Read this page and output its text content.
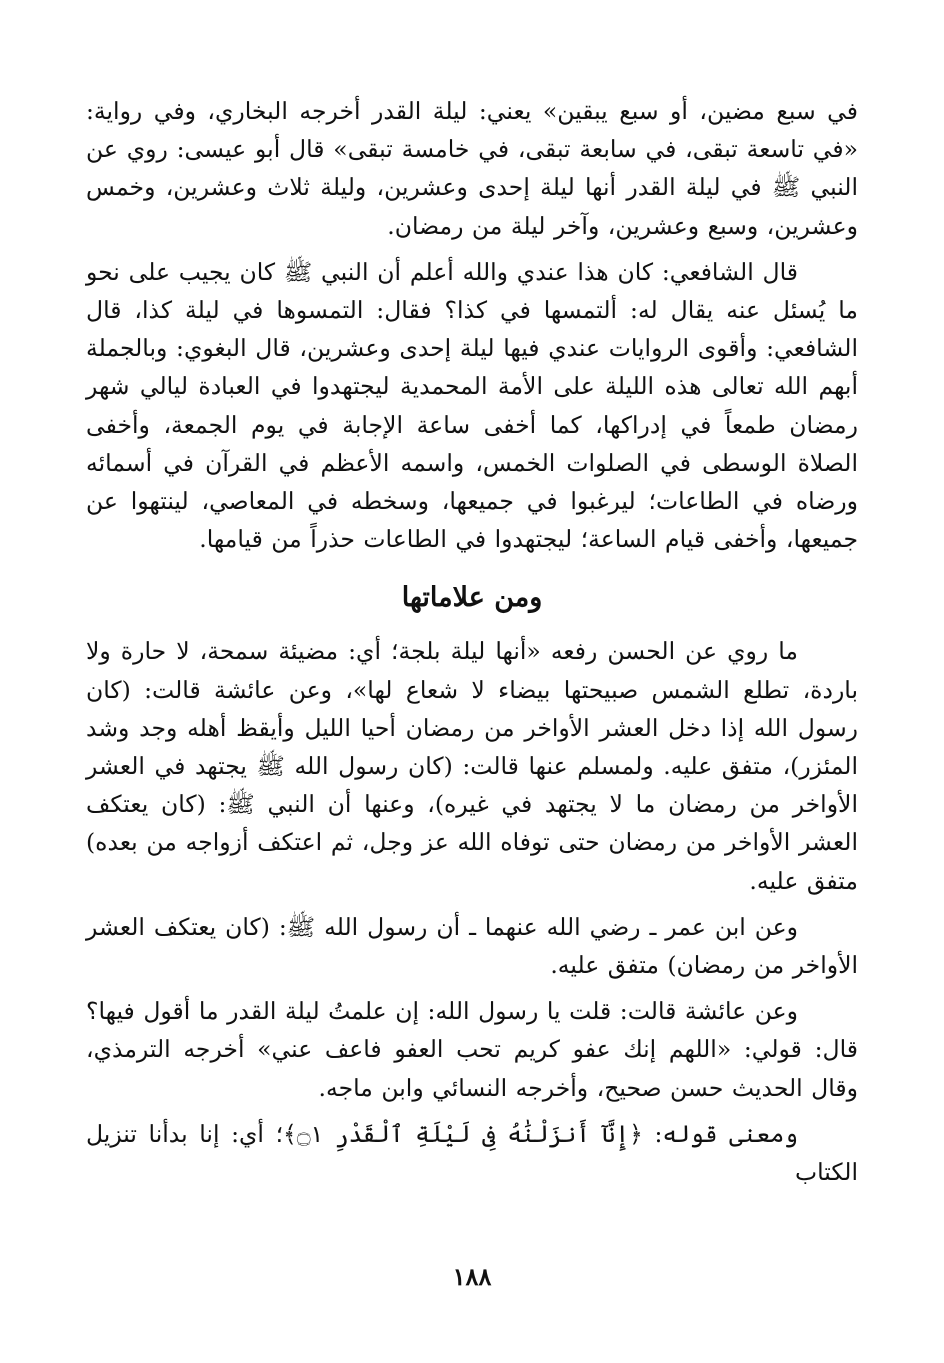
في سبع مضين، أو سبع يبقين» يعني: ليلة القدر أخرجه البخاري، وفي رواية: «في تاسعة تبقى، في سابعة تبقى، في خامسة تبقى» قال أبو عيسى: روي عن النبي ﷺ في ليلة القدر أنها ليلة إحدى وعشرين، وليلة ثلاث وعشرين، وخمس وعشرين، وسبع وعشرين، وآخر ليلة من رمضان.

قال الشافعي: كان هذا عندي والله أعلم أن النبي ﷺ كان يجيب على نحو ما يُسئل عنه يقال له: ألتمسها في كذا؟ فقال: التمسوها في ليلة كذا، قال الشافعي: وأقوى الروايات عندي فيها ليلة إحدى وعشرين، قال البغوي: وبالجملة أبهم الله تعالى هذه الليلة على الأمة المحمدية ليجتهدوا في العبادة ليالي شهر رمضان طمعاً في إدراكها، كما أخفى ساعة الإجابة في يوم الجمعة، وأخفى الصلاة الوسطى في الصلوات الخمس، واسمه الأعظم في القرآن في أسمائه ورضاه في الطاعات؛ ليرغبوا في جميعها، وسخطه في المعاصي، لينتهوا عن جميعها، وأخفى قيام الساعة؛ ليجتهدوا في الطاعات حذراً من قيامها.

ومن علاماتها

ما روي عن الحسن رفعه «أنها ليلة بلجة؛ أي: مضيئة سمحة، لا حارة ولا باردة، تطلع الشمس صبيحتها بيضاء لا شعاع لها»، وعن عائشة قالت: (كان رسول الله إذا دخل العشر الأواخر من رمضان أحيا الليل وأيقظ أهله وجد وشد المئزر)، متفق عليه. ولمسلم عنها قالت: (كان رسول الله ﷺ يجتهد في العشر الأواخر من رمضان ما لا يجتهد في غيره)، وعنها أن النبي ﷺ: (كان يعتكف العشر الأواخر من رمضان حتى توفاه الله عز وجل، ثم اعتكف أزواجه من بعده) متفق عليه.

وعن ابن عمر ـ رضي الله عنهما ـ أن رسول الله ﷺ: (كان يعتكف العشر الأواخر من رمضان) متفق عليه.

وعن عائشة قالت: قلت يا رسول الله: إن علمتُ ليلة القدر ما أقول فيها؟ قال: قولي: «اللهم إنك عفو كريم تحب العفو فاعف عني» أخرجه الترمذي، وقال الحديث حسن صحيح، وأخرجه النسائي وابن ماجه.

ومعنى قوله: ﴿إِنَّآ أَنزَلْنَٰهُ فِى لَيْلَةِ ٱلْقَدْرِ ۝١﴾؛ أي: إنا بدأنا تنزيل الكتاب

١٨٨
